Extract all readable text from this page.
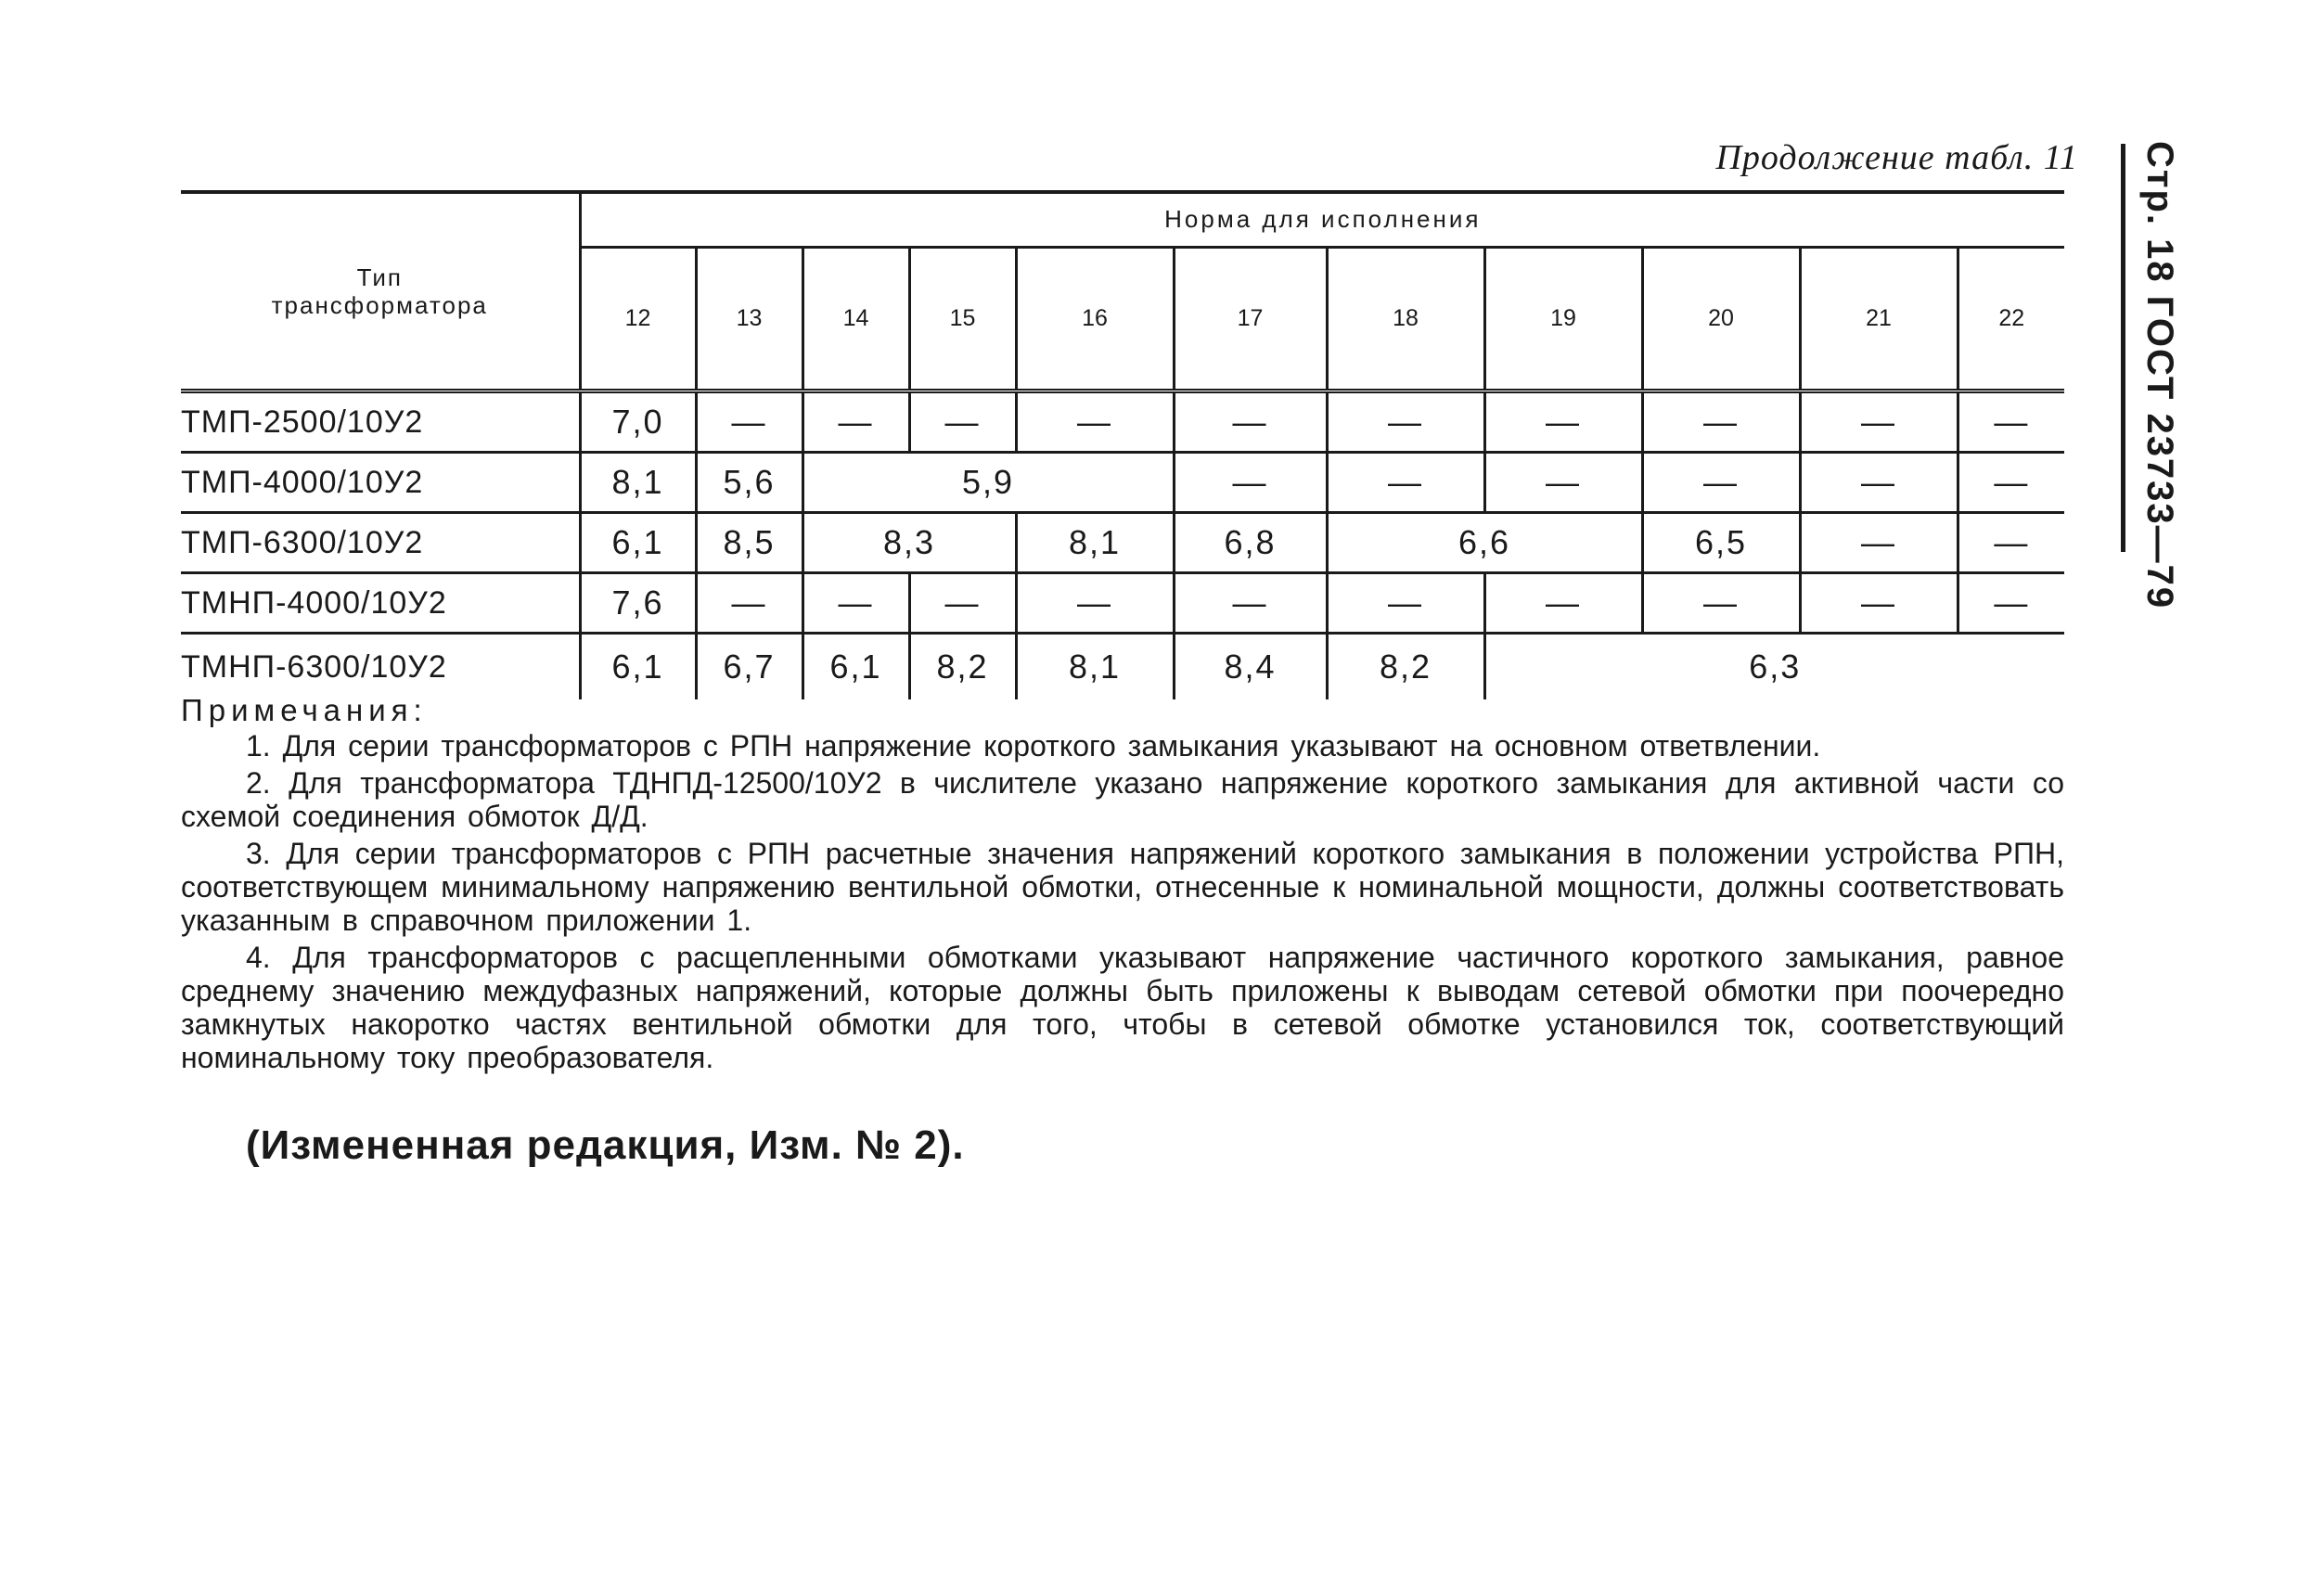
Продолжение табл. 11 Стр. 18 ГОСТ 23733—79
Тип
трансформатора	Норма для исполнения										
	12	13	14	15	16	17	18	19	20	21	22
ТМП-2500/10У2	7,0	—	—	—	—	—	—	—	—	—	—
ТМП-4000/10У2	8,1	5,6	5,9			—	—	—	—	—	—
ТМП-6300/10У2	6,1	8,5	8,3		8,1	6,8	6,6		6,5	—	—
ТМНП-4000/10У2	7,6	—	—	—	—	—	—	—	—	—	—
ТМНП-6300/10У2	6,1	6,7	6,1	8,2	8,1	8,4	8,2	6,3			
Примечания:

1. Для серии трансформаторов с РПН напряжение короткого замыкания указывают на основном ответвлении.

2. Для трансформатора ТДНПД-12500/10У2 в числителе указано напряжение короткого замыкания для активной части со схемой соединения обмоток Д/Д.

3. Для серии трансформаторов с РПН расчетные значения напряжений короткого замыкания в положении устройства РПН, соответствующем минимальному напряжению вентильной обмотки, отнесенные к номинальной мощности, должны соответствовать указанным в справочном приложении 1.

4. Для трансформаторов с расщепленными обмотками указывают напряжение частичного короткого замыкания, равное среднему значению междуфазных напряжений, которые должны быть приложены к выводам сетевой обмотки при поочередно замкнутых накоротко частях вентильной обмотки для того, чтобы в сетевой обмотке установился ток, соответствующий номинальному току преобразователя.

(Измененная редакция, Изм. № 2).
